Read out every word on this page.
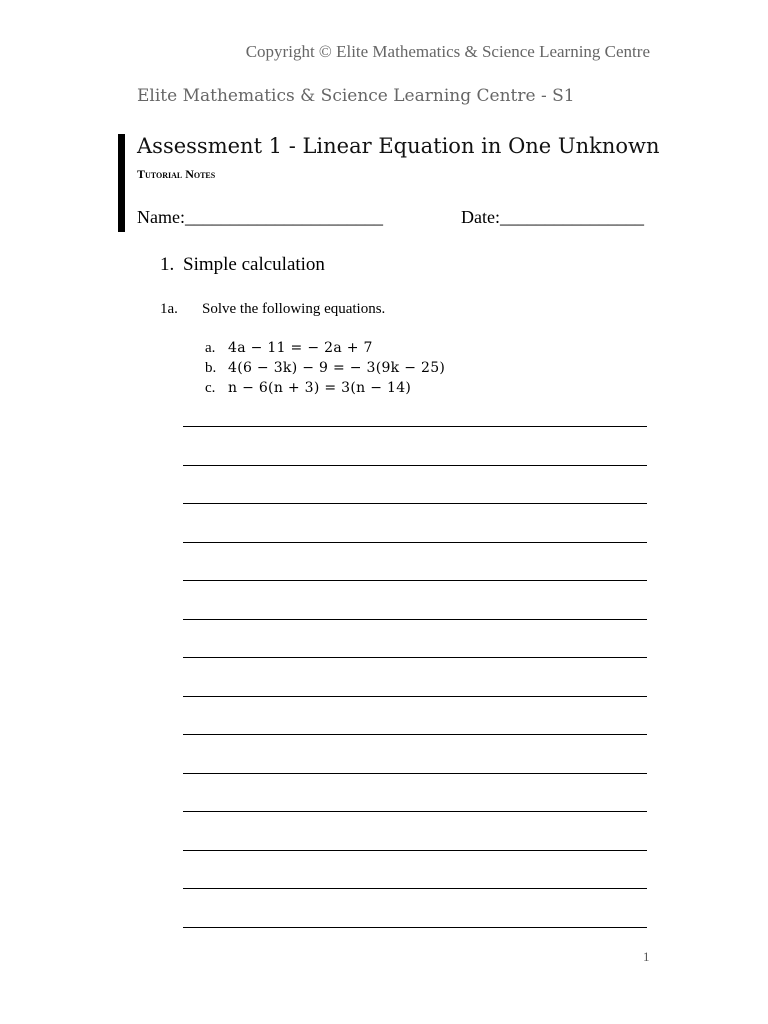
Copyright © Elite Mathematics & Science Learning Centre
Elite Mathematics & Science Learning Centre - S1
Assessment 1 - Linear Equation in One Unknown
Tutorial Notes
Name:______________________	Date:________________
1. Simple calculation
1a. Solve the following equations.
a. 4a − 11 = − 2a + 7
b. 4(6 − 3k) − 9 = − 3(9k − 25)
c. n − 6(n + 3) = 3(n − 14)
1
